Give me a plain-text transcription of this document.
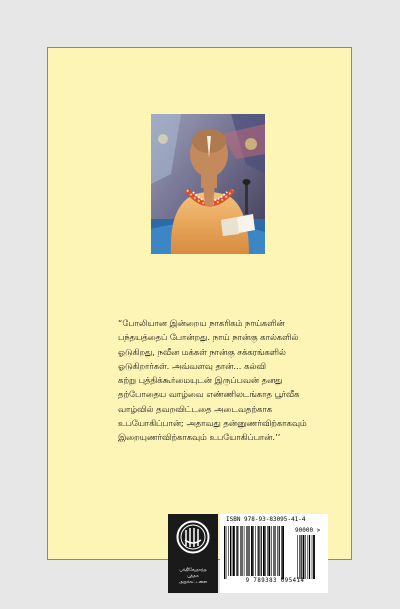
“போலியான இன்றைய நாகரிகம் நாய்களின்
பந்தயத்தைப் போன்றது. நாய் நான்கு கால்களில்
ஓடுகிறது, நவீன மக்கள் நான்கு சக்கரங்களில்
ஓடுகிறார்கள். அவ்வளவு தான்... கல்வி
கற்று புத்திக்கூர்மையுடன் இருப்பவன் தனது
தற்போதைய வாழ்வை எண்ணிலடங்காத பூர்வீக
வாழ்வில் தவறவிட்டதை அடைவதற்காக
உபயோகிப்பான்; அதாவது தன்னுணர்விற்காகவும்
இறையுணர்விற்காகவும் உபயோகிப்பான்.’’

பக்திவேதாந்த
புத்தக
அறக்கட்டளை
ISBN 978-93-83095-41-4
90000 >
9 789383 095414
